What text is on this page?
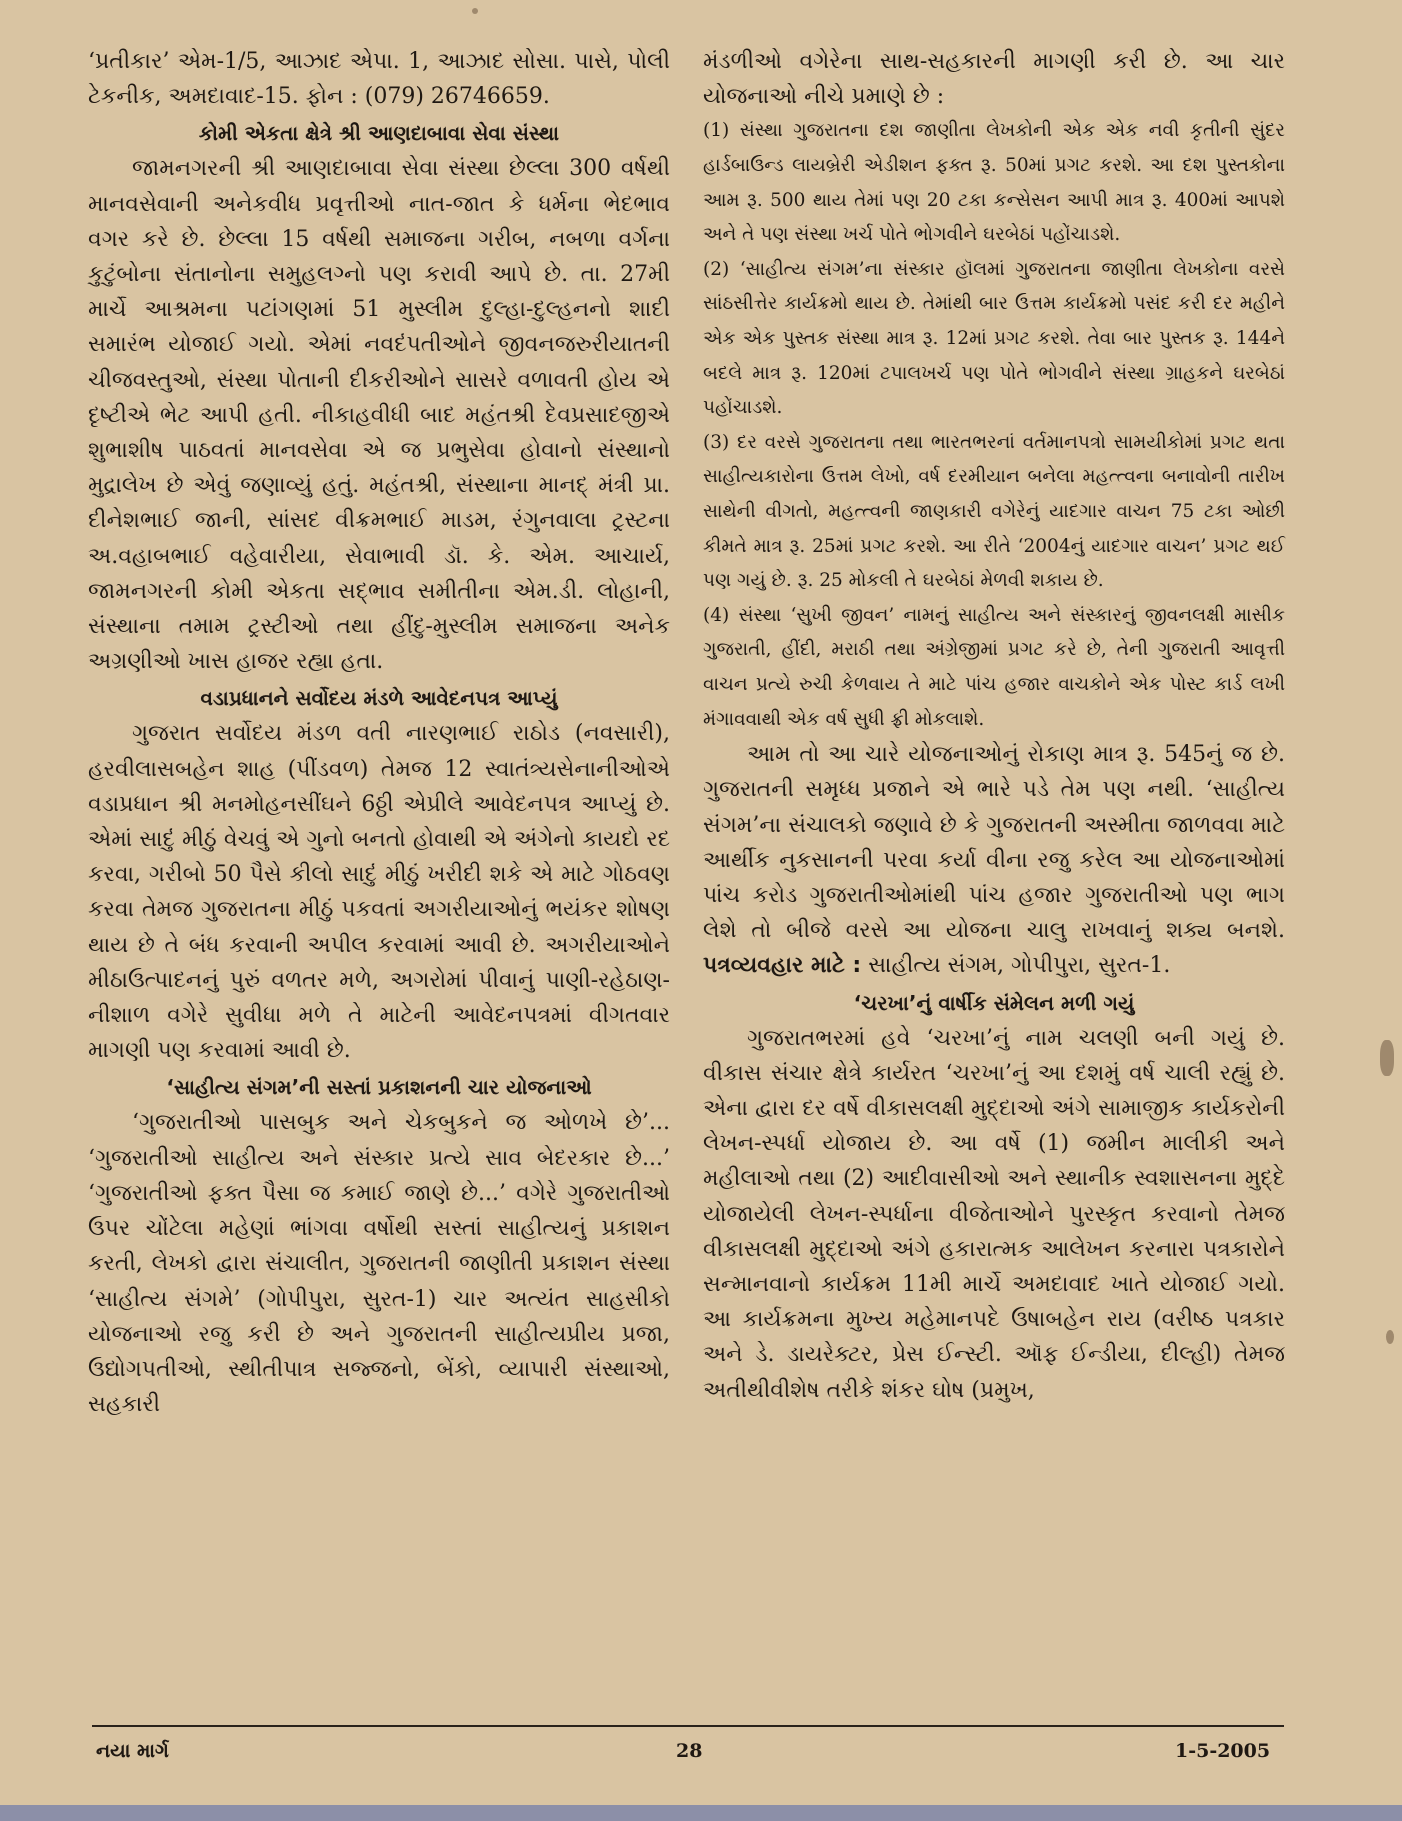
‘પ્રતીકાર’ એમ-1/5, આઝાદ એપા. 1, આઝાદ સોસા. પાસે, પોલી ટેકનીક, અમદાવાદ-15. ફોન : (079) 26746659.

કોમી એકતા ક્ષેત્રે શ્રી આણદાબાવા સેવા સંસ્થા

જામનગરની શ્રી આણદાબાવા સેવા સંસ્થા છેલ્લા 300 વર્ષથી માનવસેવાની અનેકવીધ પ્રવૃત્તીઓ નાત-જાત કે ધર્મના ભેદભાવ વગર કરે છે. છેલ્લા 15 વર્ષથી સમાજના ગરીબ, નબળા વર્ગના કુટુંબોના સંતાનોના સમુહલગ્નો પણ કરાવી આપે છે. તા. 27મી માર્ચે આશ્રમના પટાંગણમાં 51 મુસ્લીમ દુલ્હા-દુલ્હનનો શાદી સમારંભ યોજાઈ ગયો. એમાં નવદંપતીઓને જીવનજરુરીયાતની ચીજવસ્તુઓ, સંસ્થા પોતાની દીકરીઓને સાસરે વળાવતી હોય એ દૃષ્ટીએ ભેટ આપી હતી. નીકાહવીધી બાદ મહંતશ્રી દેવપ્રસાદજીએ શુભાશીષ પાઠવતાં માનવસેવા એ જ પ્રભુસેવા હોવાનો સંસ્થાનો મુદ્રાલેખ છે એવું જણાવ્યું હતું. મહંતશ્રી, સંસ્થાના માનદ્ મંત્રી પ્રા. દીનેશભાઈ જાની, સાંસદ વીક્રમભાઈ માડમ, રંગુનવાલા ટ્રસ્ટના અ.વહાબભાઈ વહેવારીયા, સેવાભાવી ડૉ. કે. એમ. આચાર્ય, જામનગરની કોમી એકતા સદ્ભાવ સમીતીના એમ.ડી. લોહાની, સંસ્થાના તમામ ટ્રસ્ટીઓ તથા હીંદુ-મુસ્લીમ સમાજના અનેક અગ્રણીઓ ખાસ હાજર રહ્યા હતા.

વડાપ્રધાનને સર્વોદય મંડળે આવેદનપત્ર આપ્યું

ગુજરાત સર્વોદય મંડળ વતી નારણભાઈ રાઠોડ (નવસારી), હરવીલાસબહેન શાહ (પીંડવળ) તેમજ 12 સ્વાતંત્ર્યસેનાનીઓએ વડાપ્રધાન શ્રી મનમોહનસીંઘને 6ઠ્ઠી એપ્રીલે આવેદનપત્ર આપ્યું છે. એમાં સાદું મીઠું વેચવું એ ગુનો બનતો હોવાથી એ અંગેનો કાયદો રદ કરવા, ગરીબો 50 પૈસે કીલો સાદું મીઠું ખરીદી શકે એ માટે ગોઠવણ કરવા તેમજ ગુજરાતના મીઠું પકવતાં અગરીયાઓનું ભયંકર શોષણ થાય છે તે બંધ કરવાની અપીલ કરવામાં આવી છે. અગરીયાઓને મીઠાઉત્પાદનનું પુરું વળતર મળે, અગરોમાં પીવાનું પાણી-રહેઠાણ-નીશાળ વગેરે સુવીધા મળે તે માટેની આવેદનપત્રમાં વીગતવાર માગણી પણ કરવામાં આવી છે.

‘સાહીત્ય સંગમ’ની સસ્તાં પ્રકાશનની ચાર યોજનાઓ

‘ગુજરાતીઓ પાસબુક અને ચેકબુકને જ ઓળખે છે’... ‘ગુજરાતીઓ સાહીત્ય અને સંસ્કાર પ્રત્યે સાવ બેદરકાર છે...’ ‘ગુજરાતીઓ ફક્ત પૈસા જ કમાઈ જાણે છે...’ વગેરે ગુજરાતીઓ ઉપર ચોંટેલા મહેણાં ભાંગવા વર્ષોથી સસ્તાં સાહીત્યનું પ્રકાશન કરતી, લેખકો દ્વારા સંચાલીત, ગુજરાતની જાણીતી પ્રકાશન સંસ્થા ‘સાહીત્ય સંગમે’ (ગોપીપુરા, સુરત-1) ચાર અત્યંત સાહસીકો યોજનાઓ રજુ કરી છે અને ગુજરાતની સાહીત્યપ્રીય પ્રજા, ઉદ્યોગપતીઓ, સ્થીતીપાત્ર સજ્જનો, બેંકો, વ્યાપારી સંસ્થાઓ, સહકારી

મંડળીઓ વગેરેના સાથ-સહકારની માગણી કરી છે. આ ચાર યોજનાઓ નીચે પ્રમાણે છે :

(1) સંસ્થા ગુજરાતના દશ જાણીતા લેખકોની એક એક નવી કૃતીની સુંદર હાર્ડબાઉન્ડ લાયબ્રેરી એડીશન ફક્ત રૂ. 50માં પ્રગટ કરશે. આ દશ પુસ્તકોના આમ રૂ. 500 થાય તેમાં પણ 20 ટકા કન્સેસન આપી માત્ર રૂ. 400માં આપશે અને તે પણ સંસ્થા ખર્ચ પોતે ભોગવીને ઘરબેઠાં પહોંચાડશે.

(2) ‘સાહીત્ય સંગમ’ના સંસ્કાર હૉલમાં ગુજરાતના જાણીતા લેખકોના વરસે સાંઠસીત્તેર કાર્યક્રમો થાય છે. તેમાંથી બાર ઉત્તમ કાર્યક્રમો પસંદ કરી દર મહીને એક એક પુસ્તક સંસ્થા માત્ર રૂ. 12માં પ્રગટ કરશે. તેવા બાર પુસ્તક રૂ. 144ને બદલે માત્ર રૂ. 120માં ટપાલખર્ચ પણ પોતે ભોગવીને સંસ્થા ગ્રાહકને ઘરબેઠાં પહોંચાડશે.

(3) દર વરસે ગુજરાતના તથા ભારતભરનાં વર્તમાનપત્રો સામયીકોમાં પ્રગટ થતા સાહીત્યકારોના ઉત્તમ લેખો, વર્ષ દરમીયાન બનેલા મહત્ત્વના બનાવોની તારીખ સાથેની વીગતો, મહત્ત્વની જાણકારી વગેરેનું યાદગાર વાચન 75 ટકા ઓછી કીમતે માત્ર રૂ. 25માં પ્રગટ કરશે. આ રીતે ‘2004નું યાદગાર વાચન’ પ્રગટ થઈ પણ ગયું છે. રૂ. 25 મોકલી તે ઘરબેઠાં મેળવી શકાય છે.

(4) સંસ્થા ‘સુખી જીવન’ નામનું સાહીત્ય અને સંસ્કારનું જીવનલક્ષી માસીક ગુજરાતી, હીંદી, મરાઠી તથા અંગ્રેજીમાં પ્રગટ કરે છે, તેની ગુજરાતી આવૃત્તી વાચન પ્રત્યે રુચી કેળવાય તે માટે પાંચ હજાર વાચકોને એક પોસ્ટ કાર્ડ લખી મંગાવવાથી એક વર્ષ સુધી ફ્રી મોકલાશે.

આમ તો આ ચારે યોજનાઓનું રોકાણ માત્ર રૂ. 545નું જ છે. ગુજરાતની સમૃધ્ધ પ્રજાને એ ભારે પડે તેમ પણ નથી. ‘સાહીત્ય સંગમ’ના સંચાલકો જણાવે છે કે ગુજરાતની અસ્મીતા જાળવવા માટે આર્થીક નુકસાનની પરવા કર્યા વીના રજુ કરેલ આ યોજનાઓમાં પાંચ કરોડ ગુજરાતીઓમાંથી પાંચ હજાર ગુજરાતીઓ પણ ભાગ લેશે તો બીજે વરસે આ યોજના ચાલુ રાખવાનું શક્ય બનશે. પત્રવ્યવહાર માટે : સાહીત્ય સંગમ, ગોપીપુરા, સુરત-1.

‘ચરખા’નું વાર્ષીક સંમેલન મળી ગયું

ગુજરાતભરમાં હવે ‘ચરખા’નું નામ ચલણી બની ગયું છે. વીકાસ સંચાર ક્ષેત્રે કાર્યરત ‘ચરખા’નું આ દશમું વર્ષ ચાલી રહ્યું છે. એના દ્વારા દર વર્ષે વીકાસલક્ષી મુદ્દાઓ અંગે સામાજીક કાર્યકરોની લેખન-સ્પર્ધા યોજાય છે. આ વર્ષે (1) જમીન માલીકી અને મહીલાઓ તથા (2) આદીવાસીઓ અને સ્થાનીક સ્વશાસનના મુદ્દે યોજાયેલી લેખન-સ્પર્ધાના વીજેતાઓને પુરસ્કૃત કરવાનો તેમજ વીકાસલક્ષી મુદ્દાઓ અંગે હકારાત્મક આલેખન કરનારા પત્રકારોને સન્માનવાનો કાર્યક્રમ 11મી માર્ચે અમદાવાદ ખાતે યોજાઈ ગયો. આ કાર્યક્રમના મુખ્ય મહેમાનપદે ઉષાબહેન રાય (વરીષ્ઠ પત્રકાર અને ડે. ડાયરેક્ટર, પ્રેસ ઈન્સ્ટી. ઑફ ઈન્ડીયા, દીલ્હી) તેમજ અતીથીવીશેષ તરીકે શંકર ઘોષ (પ્રમુખ,

નયા માર્ગ	28	1-5-2005
